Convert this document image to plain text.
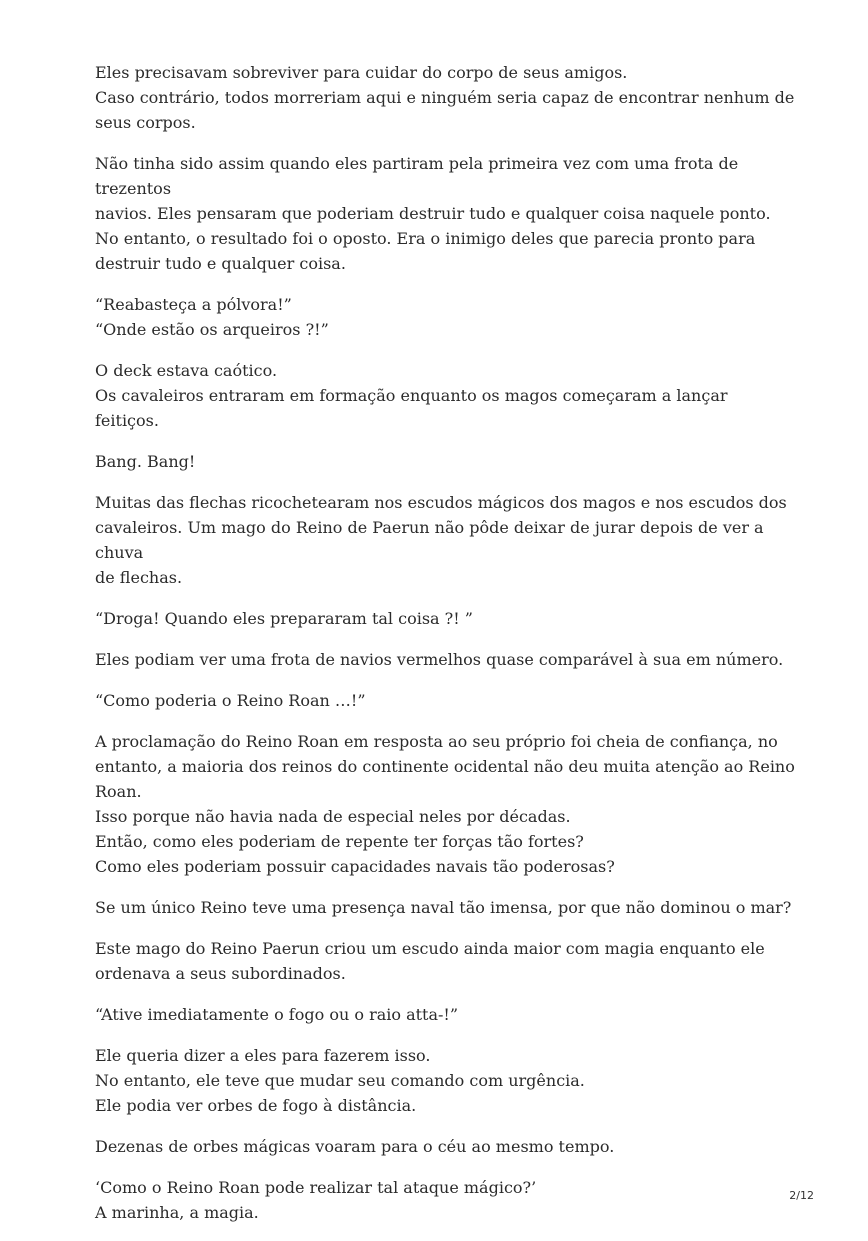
Eles precisavam sobreviver para cuidar do corpo de seus amigos.
Caso contrário, todos morreriam aqui e ninguém seria capaz de encontrar nenhum de
seus corpos.

Não tinha sido assim quando eles partiram pela primeira vez com uma frota de trezentos
navios. Eles pensaram que poderiam destruir tudo e qualquer coisa naquele ponto.
No entanto, o resultado foi o oposto. Era o inimigo deles que parecia pronto para
destruir tudo e qualquer coisa.

“Reabasteça a pólvora!”
“Onde estão os arqueiros ?!”

O deck estava caótico.
Os cavaleiros entraram em formação enquanto os magos começaram a lançar feitiços.

Bang. Bang!

Muitas das flechas ricochetearam nos escudos mágicos dos magos e nos escudos dos
cavaleiros. Um mago do Reino de Paerun não pôde deixar de jurar depois de ver a chuva
de flechas.

“Droga! Quando eles prepararam tal coisa ?! ”

Eles podiam ver uma frota de navios vermelhos quase comparável à sua em número.

“Como poderia o Reino Roan …!”

A proclamação do Reino Roan em resposta ao seu próprio foi cheia de confiança, no
entanto, a maioria dos reinos do continente ocidental não deu muita atenção ao Reino
Roan.
Isso porque não havia nada de especial neles por décadas.
Então, como eles poderiam de repente ter forças tão fortes?
Como eles poderiam possuir capacidades navais tão poderosas?

Se um único Reino teve uma presença naval tão imensa, por que não dominou o mar?

Este mago do Reino Paerun criou um escudo ainda maior com magia enquanto ele
ordenava a seus subordinados.

“Ative imediatamente o fogo ou o raio atta-!”

Ele queria dizer a eles para fazerem isso.
No entanto, ele teve que mudar seu comando com urgência.
Ele podia ver orbes de fogo à distância.

Dezenas de orbes mágicas voaram para o céu ao mesmo tempo.

‘Como o Reino Roan pode realizar tal ataque mágico?’
A marinha, a magia.

2/12
